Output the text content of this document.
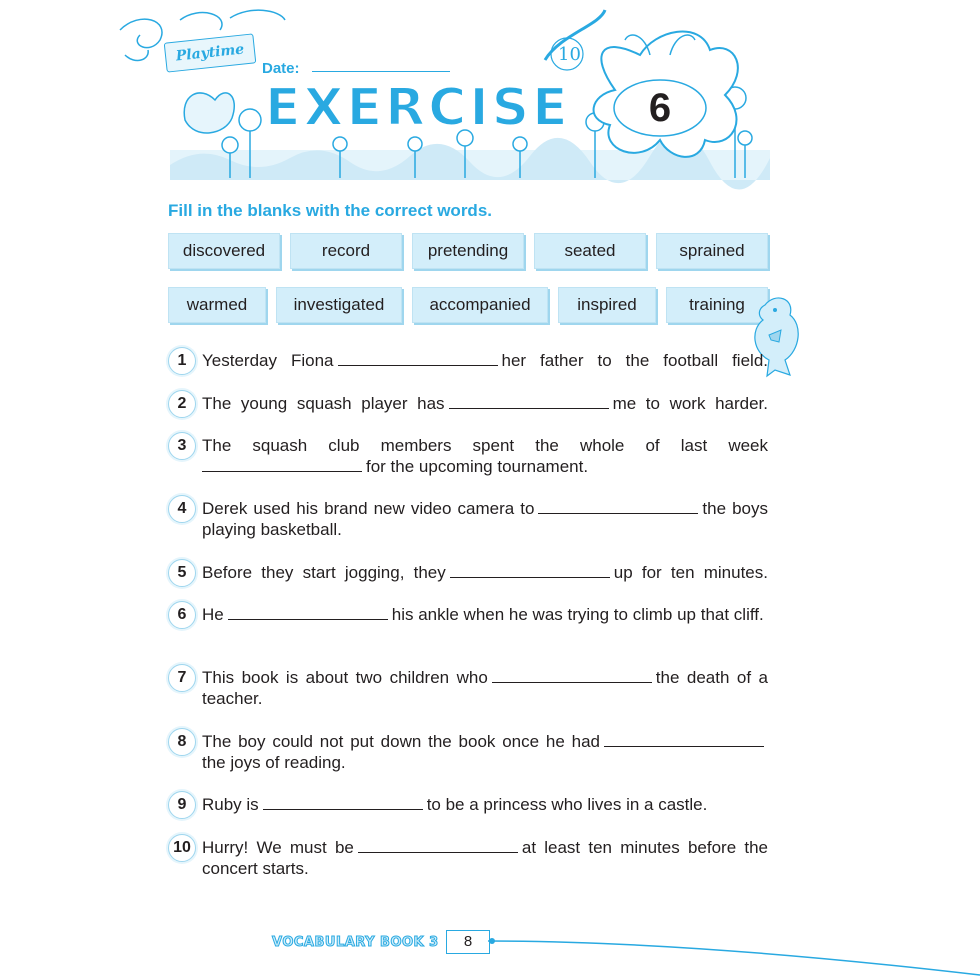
Playtime
Date:
10
EXERCISE	6
Fill in the blanks with the correct words.
discovered	record	pretending	seated	sprained
warmed	investigated	accompanied	inspired	training
1 Yesterday Fiona	her father to the football field.
2 The young squash player has	me to work harder.
3 The squash club members spent the whole of last week for the upcoming tournament.
4 Derek used his brand new video camera to	the boys playing basketball.
5 Before they start jogging, they	up for ten minutes.
6 He	his ankle when he was trying to climb up that cliff.
7 This book is about two children who	the death of a teacher.
8 The boy could not put down the book once he hadthe joys of reading.
9 Ruby is	to be a princess who lives in a castle.
10 Hurry! We must be	at least ten minutes before the concert starts.
VOCABULARY BOOK 3	8
